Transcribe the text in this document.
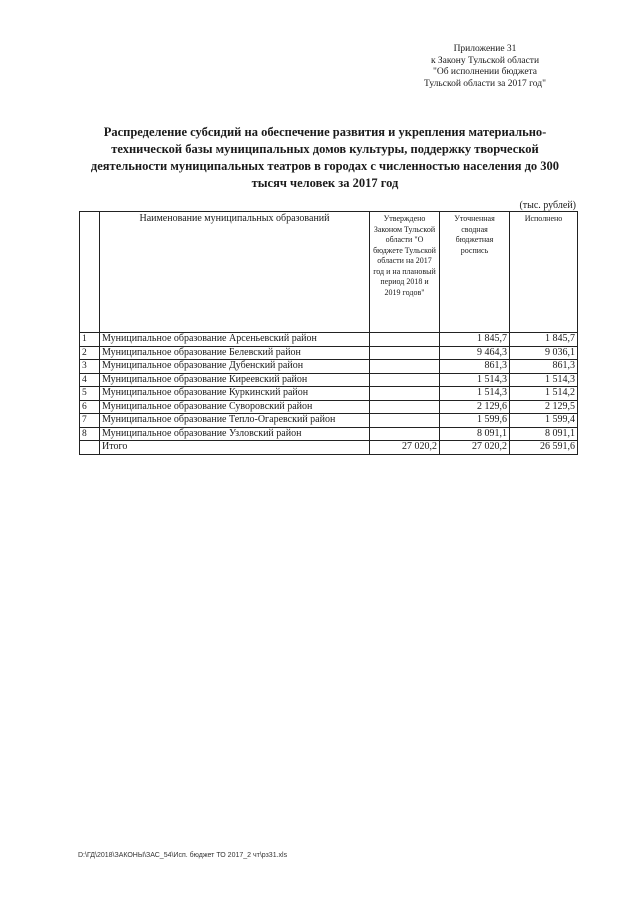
Приложение 31
к Закону Тульской области
"Об исполнении бюджета
Тульской области за 2017 год"
Распределение субсидий на обеспечение развития и укрепления материально-
технической базы муниципальных домов культуры, поддержку творческой
деятельности муниципальных театров в городах с численностью населения до 300
тысяч человек за 2017 год
(тыс. рублей)
	Наименование муниципальных образований	Утверждено Законом Тульской области "О бюджете Тульской области на 2017 год и на плановый период 2018 и 2019 годов"	Уточненная сводная бюджетная роспись	Исполнено
1	Муниципальное образование Арсеньевский район		1 845,7	1 845,7
2	Муниципальное образование Белевский район		9 464,3	9 036,1
3	Муниципальное образование Дубенский район		861,3	861,3
4	Муниципальное образование Киреевский район		1 514,3	1 514,3
5	Муниципальное образование Куркинский район		1 514,3	1 514,2
6	Муниципальное образование Суворовский район		2 129,6	2 129,5
7	Муниципальное образование Тепло-Огаревский район		1 599,6	1 599,4
8	Муниципальное образование Узловский район		8 091,1	8 091,1
	Итого	27 020,2	27 020,2	26 591,6
D:\ГД\2018\ЗАКОНЫ\ЗАС_54\Исп. бюджет ТО 2017_2 чт\рз31.xls
